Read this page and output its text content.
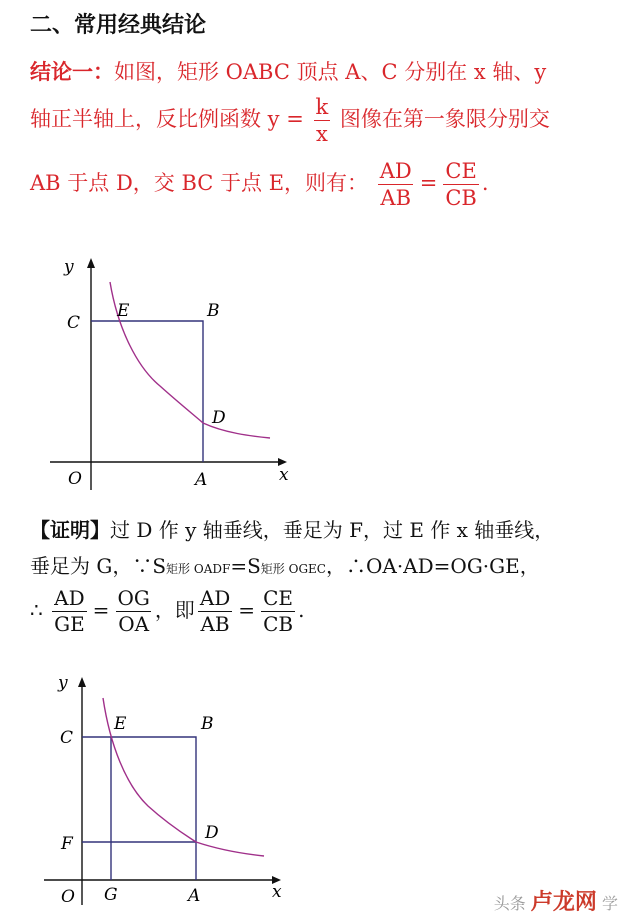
二、常用经典结论
结论一：如图，矩形 OABC 顶点 A、C 分别在 x 轴、y
轴正半轴上，反比例函数 $y = \frac{k}{x}$ 图像在第一象限分别交
AB 于点 D，交 BC 于点 E，则有： $\frac{AD}{AB} = \frac{CE}{CB}$ .
y
x
C
E	B
D
O	A
【证明】过 D 作 y 轴垂线，垂足为 F，过 E 作 x 轴垂线，
垂足为 G，∵S矩形 OADF=S矩形 OGEC，∴OA·AD=OG·GE，
∴ $\frac{AD}{GE} = \frac{OG}{OA}$ ，即 $\frac{AD}{AB} = \frac{CE}{CB}$ .
y
x
C
E	B
F
D
O G	A	头条 卢龙网 学
